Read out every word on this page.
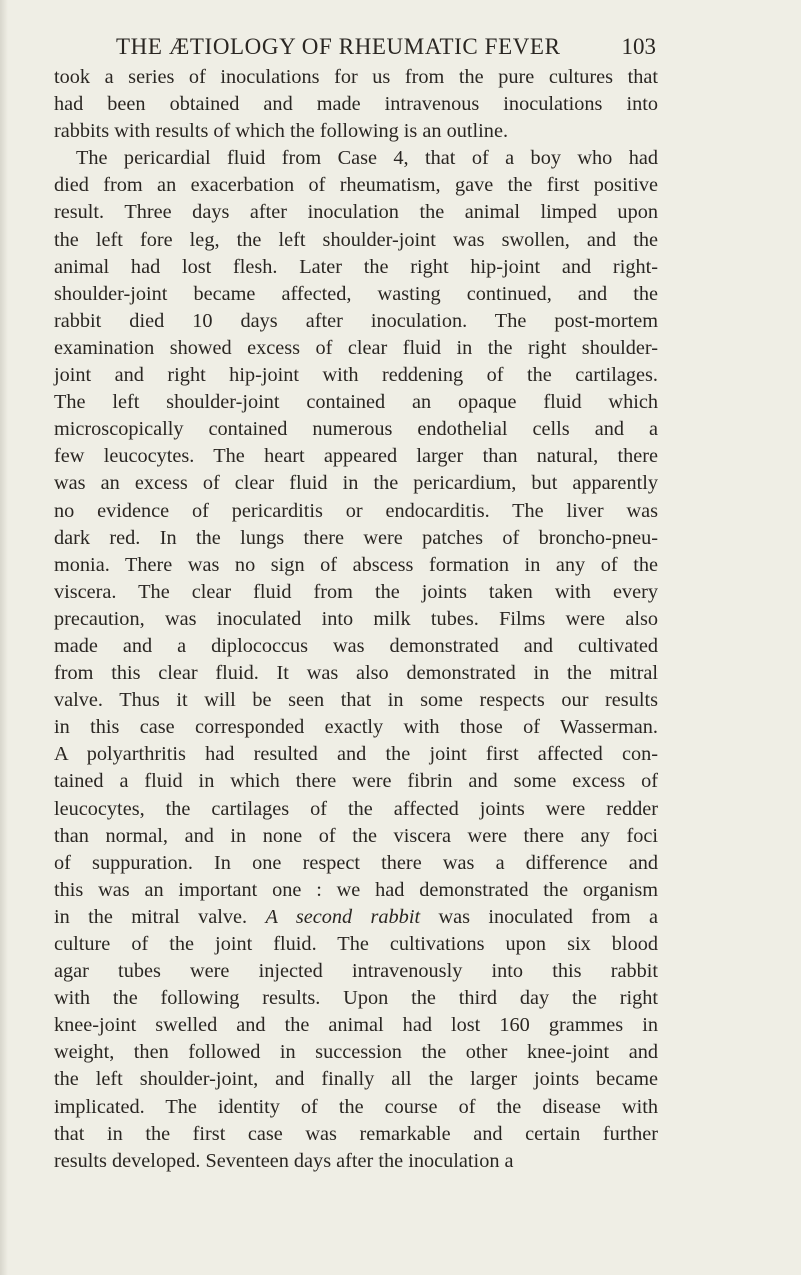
THE ÆTIOLOGY OF RHEUMATIC FEVER	103

took a series of inoculations for us from the pure cultures that
had been obtained and made intravenous inoculations into
rabbits with results of which the following is an outline.

The pericardial fluid from Case 4, that of a boy who had
died from an exacerbation of rheumatism, gave the first positive
result. Three days after inoculation the animal limped upon
the left fore leg, the left shoulder-joint was swollen, and the
animal had lost flesh. Later the right hip-joint and right-
shoulder-joint became affected, wasting continued, and the
rabbit died 10 days after inoculation. The post-mortem
examination showed excess of clear fluid in the right shoulder-
joint and right hip-joint with reddening of the cartilages.
The left shoulder-joint contained an opaque fluid which
microscopically contained numerous endothelial cells and a
few leucocytes. The heart appeared larger than natural, there
was an excess of clear fluid in the pericardium, but apparently
no evidence of pericarditis or endocarditis. The liver was
dark red. In the lungs there were patches of broncho-pneu-
monia. There was no sign of abscess formation in any of the
viscera. The clear fluid from the joints taken with every
precaution, was inoculated into milk tubes. Films were also
made and a diplococcus was demonstrated and cultivated
from this clear fluid. It was also demonstrated in the mitral
valve. Thus it will be seen that in some respects our results
in this case corresponded exactly with those of Wasserman.
A polyarthritis had resulted and the joint first affected con-
tained a fluid in which there were fibrin and some excess of
leucocytes, the cartilages of the affected joints were redder
than normal, and in none of the viscera were there any foci
of suppuration. In one respect there was a difference and
this was an important one : we had demonstrated the organism
in the mitral valve. A second rabbit was inoculated from a
culture of the joint fluid. The cultivations upon six blood
agar tubes were injected intravenously into this rabbit
with the following results. Upon the third day the right
knee-joint swelled and the animal had lost 160 grammes in
weight, then followed in succession the other knee-joint and
the left shoulder-joint, and finally all the larger joints became
implicated. The identity of the course of the disease with
that in the first case was remarkable and certain further
results developed. Seventeen days after the inoculation a
